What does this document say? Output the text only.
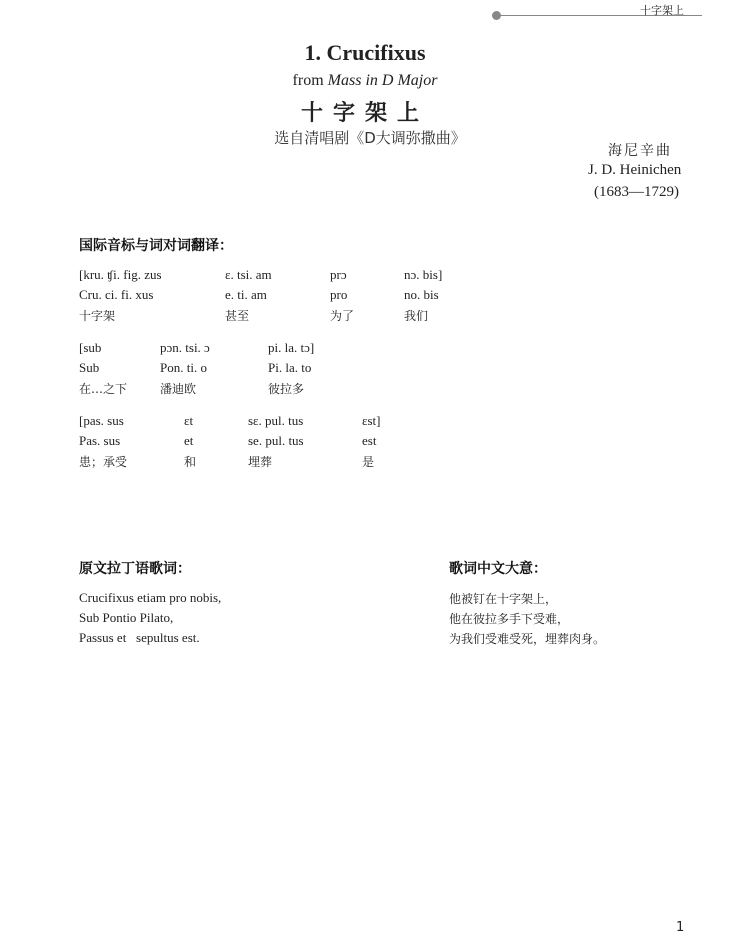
十字架上
1. Crucifixus
from Mass in D Major
十字架上
选自清唱剧《D大调弥撒曲》
海尼辛曲
J. D. Heinichen
(1683—1729)
国际音标与词对词翻译：
[kru. ʧi. fig. zus	ɛ. tsi. am	prɔ	nɔ. bis]
Cru. ci. fi. xus	e. ti. am	pro	no. bis
十字架	甚至	为了	我们
[sub	pɔn. tsi. ɔ	pi. la. tɔ]
Sub	Pon. ti. o	Pi. la. to
在…之下	潘迪欧	彼拉多
[pas. sus	ɛt	sɛ. pul. tus	ɛst]
Pas. sus	et	se. pul. tus	est
患；承受	和	埋葬	是
原文拉丁语歌词：
Crucifixus etiam pro nobis,
Sub Pontio Pilato,
Passus et   sepultus est.
歌词中文大意：
他被钉在十字架上，
他在彼拉多手下受难，
为我们受难受死，埋葬肉身。
1
